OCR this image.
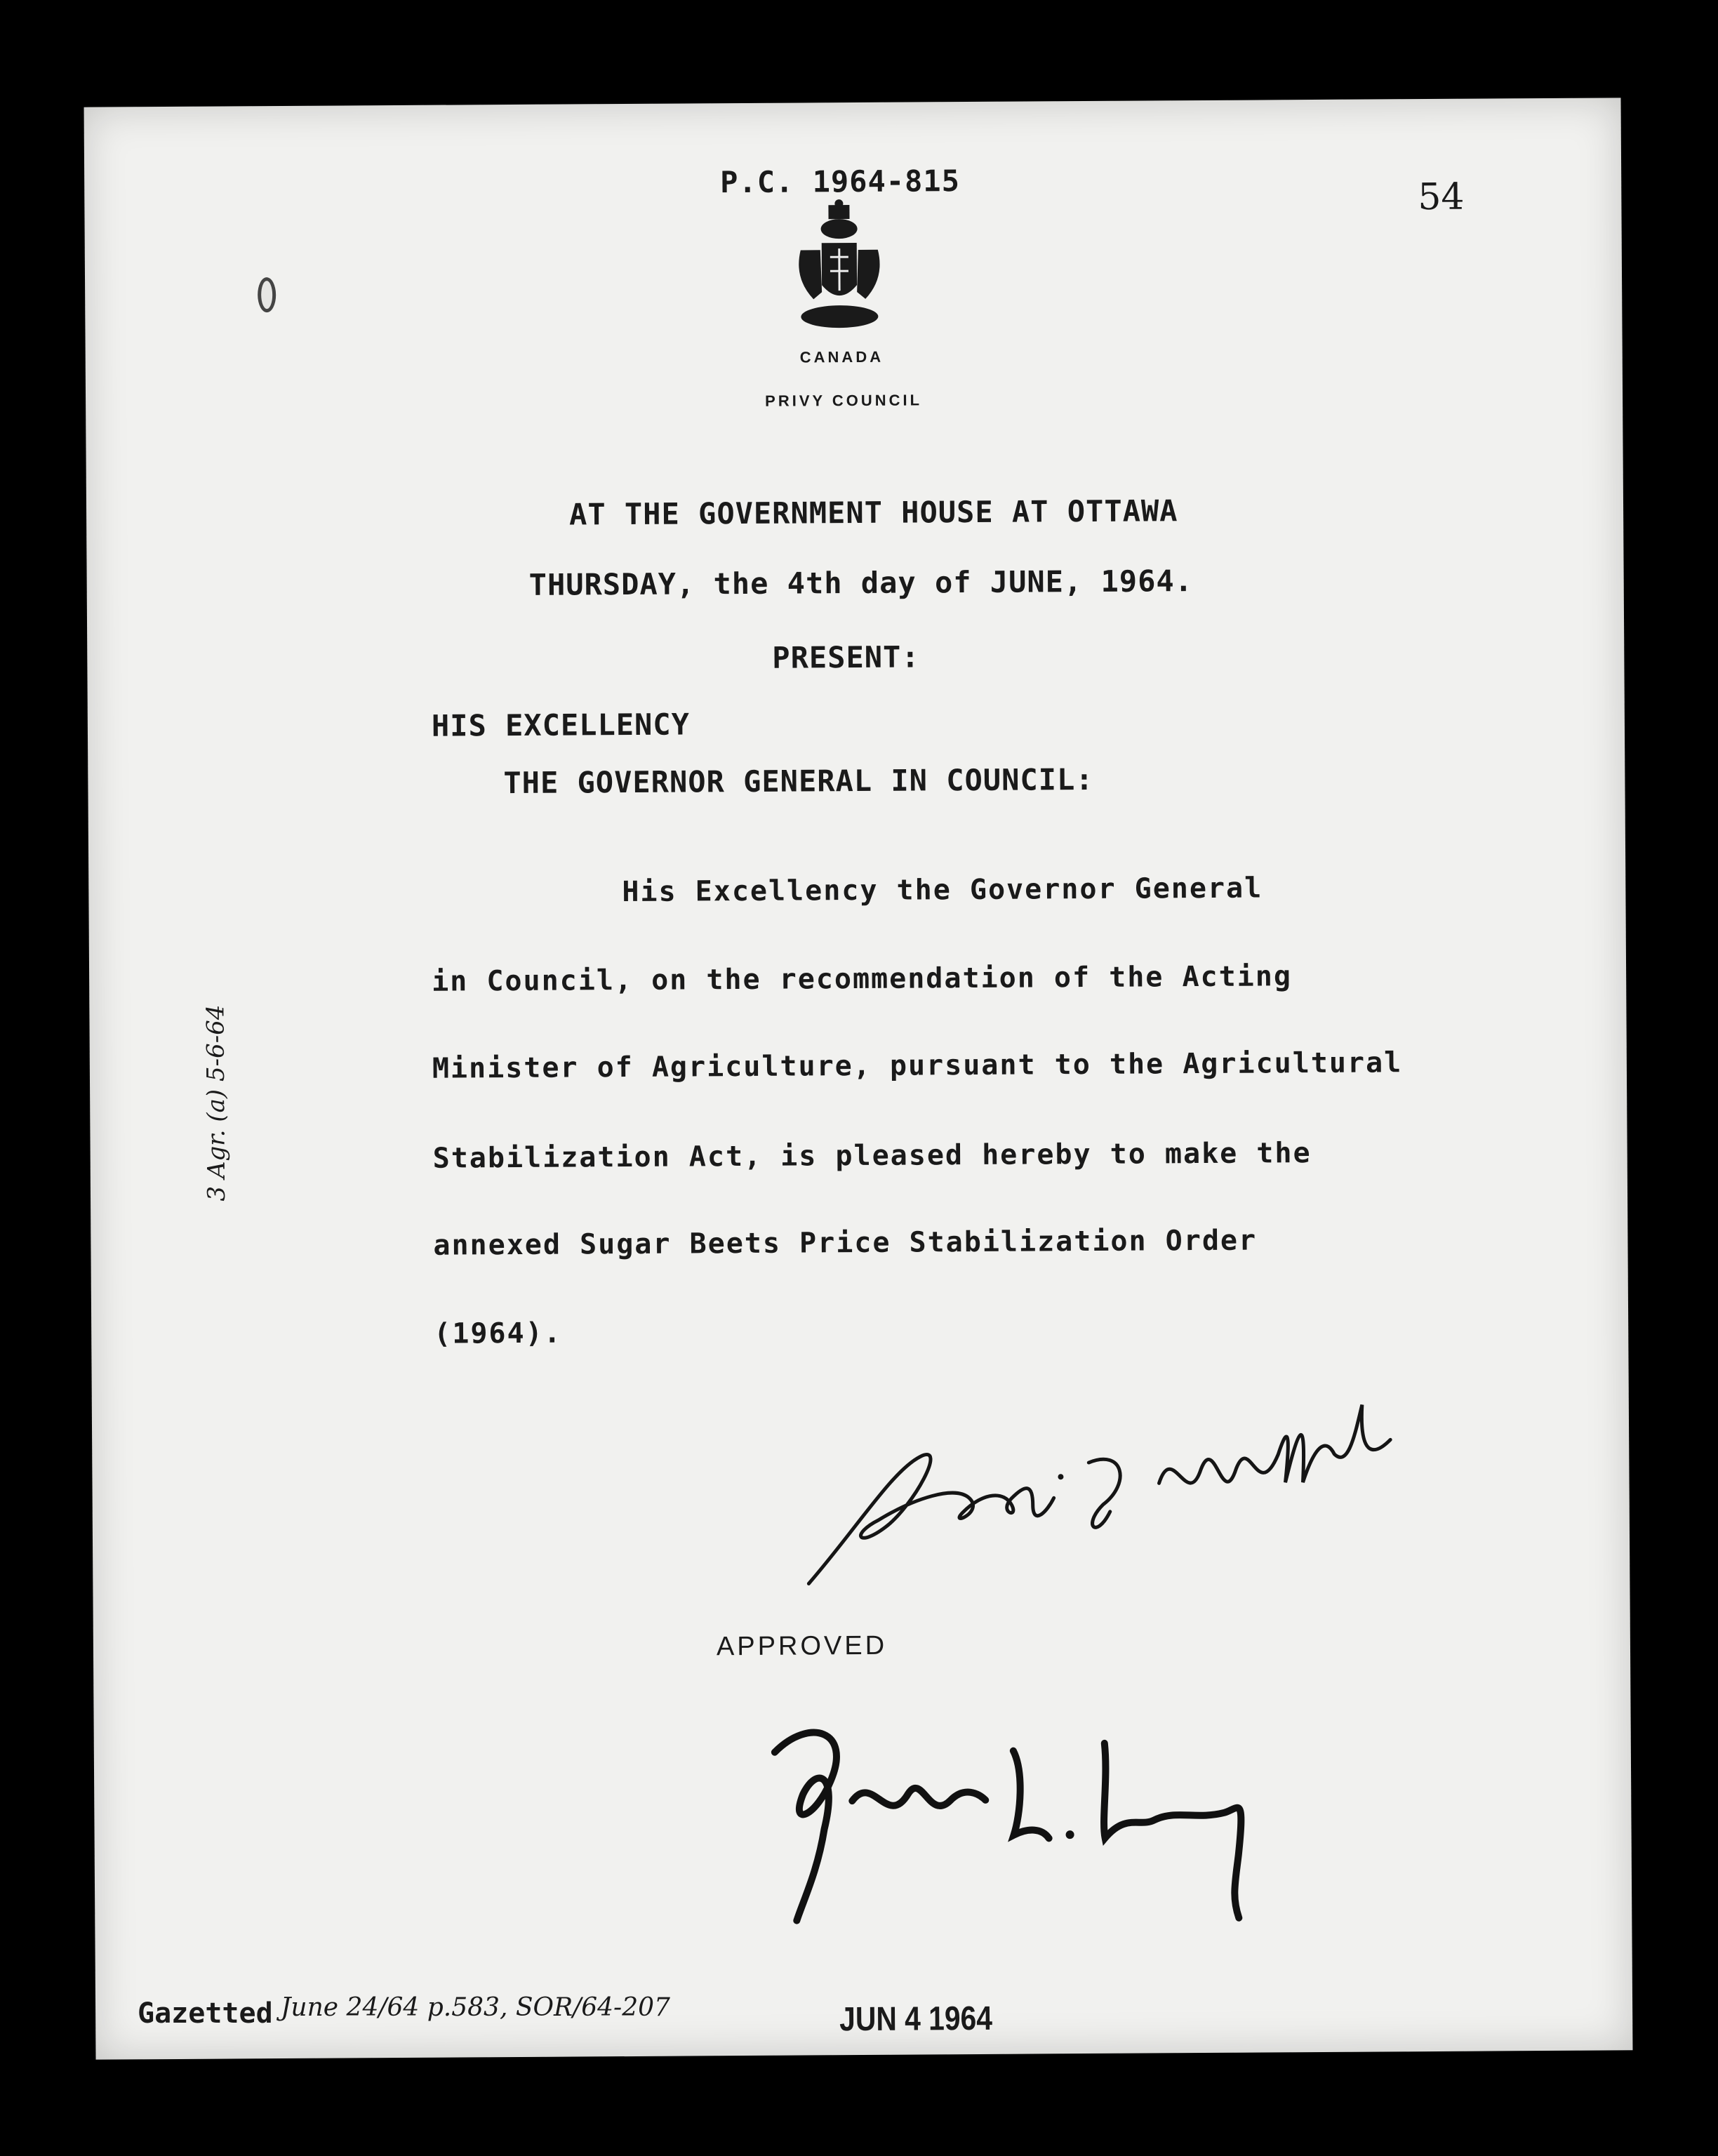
P.C. 1964-815	54
CANADA
PRIVY COUNCIL
AT THE GOVERNMENT HOUSE AT OTTAWA
THURSDAY, the 4th day of JUNE, 1964.
PRESENT:
HIS EXCELLENCY
THE GOVERNOR GENERAL IN COUNCIL:
His Excellency the Governor General
in Council, on the recommendation of the Acting
Minister of Agriculture, pursuant to the Agricultural
Stabilization Act, is pleased hereby to make the
annexed Sugar Beets Price Stabilization Order
(1964).
APPROVED
JUN 4 1964
3 Agr. (a) 5-6-64
Gazetted June 24/64 p.583, SOR/64-207
